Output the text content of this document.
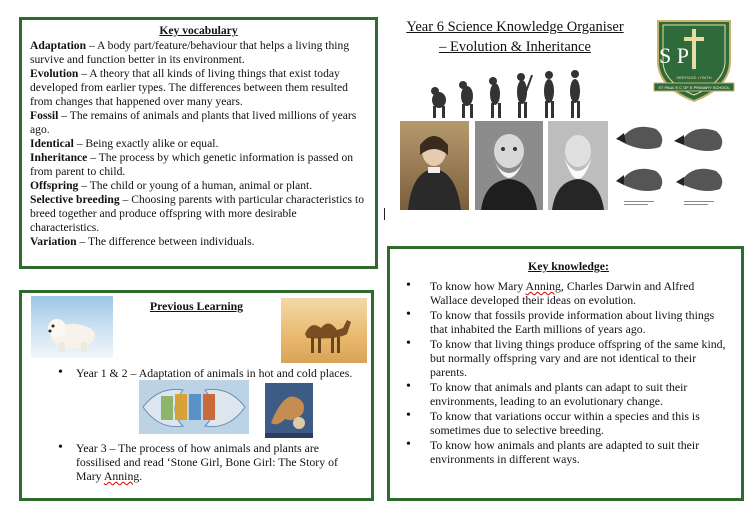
Key vocabulary

Adaptation – A body part/feature/behaviour that helps a living thing survive and function better in its environment.

Evolution – A theory that all kinds of living things that exist today developed from earlier types. The differences between them resulted from changes that happened over many years.

Fossil – The remains of animals and plants that lived millions of years ago.

Identical – Being exactly alike or equal.

Inheritance – The process by which genetic information is passed on from parent to child.

Offspring – The child or young of a human, animal or plant.

Selective breeding – Choosing parents with particular characteristics to breed together and produce offspring with more desirable characteristics.

Variation – The difference between individuals.

Year 6 Science Knowledge Organiser
– Evolution & Inheritance	S P
HERITAGE • FAITH
ST PAUL'S C OF E PRIMARY SCHOOL
Previous Learning
• Year 1 & 2 – Adaptation of animals in hot and cold places.
• Year 3 – The process of how animals and plants are fossilised and read ‘Stone Girl, Bone Girl: The Story of Mary Anning.
Key knowledge:
• To know how Mary Anning, Charles Darwin and Alfred Wallace developed their ideas on evolution.
• To know that fossils provide information about living things that inhabited the Earth millions of years ago.
• To know that living things produce offspring of the same kind, but normally offspring vary and are not identical to their parents.
• To know that animals and plants can adapt to suit their environments, leading to an evolutionary change.
• To know that variations occur within a species and this is sometimes due to selective breeding.
• To know how animals and plants are adapted to suit their environments in different ways.
